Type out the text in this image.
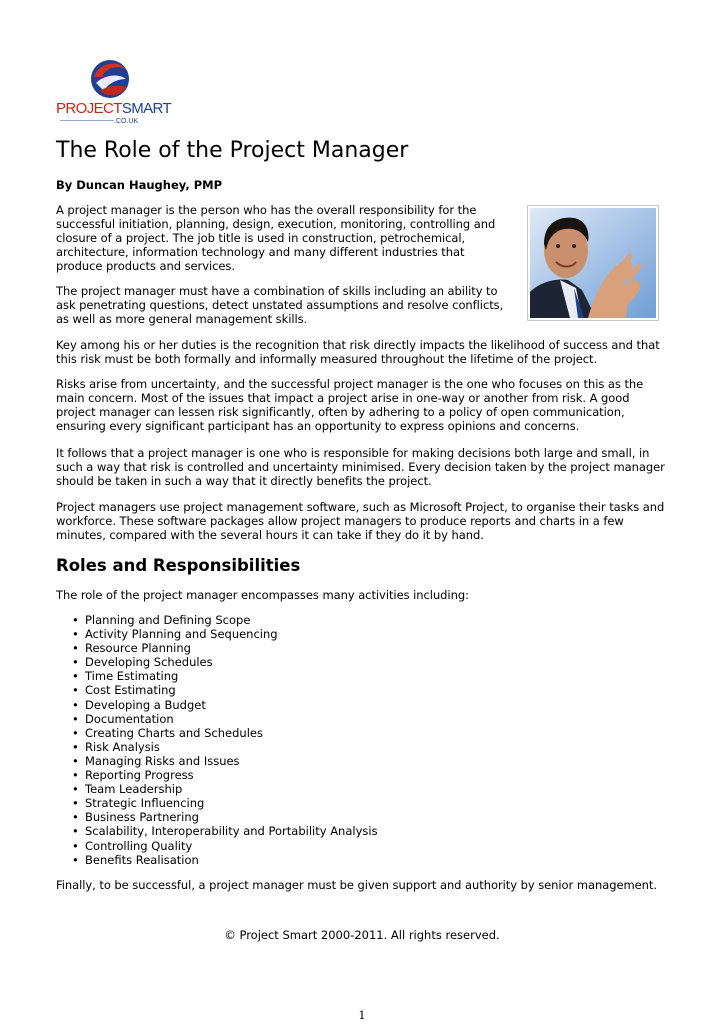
PROJECTSMART
.CO.UK
The Role of the Project Manager

By Duncan Haughey, PMP

A project manager is the person who has the overall responsibility for the successful initiation, planning, design, execution, monitoring, controlling and closure of a project. The job title is used in construction, petrochemical, architecture, information technology and many different industries that produce products and services.

The project manager must have a combination of skills including an ability to ask penetrating questions, detect unstated assumptions and resolve conflicts, as well as more general management skills.

Key among his or her duties is the recognition that risk directly impacts the likelihood of success and that this risk must be both formally and informally measured throughout the lifetime of the project.

Risks arise from uncertainty, and the successful project manager is the one who focuses on this as the main concern. Most of the issues that impact a project arise in one-way or another from risk. A good project manager can lessen risk significantly, often by adhering to a policy of open communication, ensuring every significant participant has an opportunity to express opinions and concerns.

It follows that a project manager is one who is responsible for making decisions both large and small, in such a way that risk is controlled and uncertainty minimised. Every decision taken by the project manager should be taken in such a way that it directly benefits the project.

Project managers use project management software, such as Microsoft Project, to organise their tasks and workforce. These software packages allow project managers to produce reports and charts in a few minutes, compared with the several hours it can take if they do it by hand.

Roles and Responsibilities

The role of the project manager encompasses many activities including:

• Planning and Defining Scope
• Activity Planning and Sequencing
• Resource Planning
• Developing Schedules
• Time Estimating
• Cost Estimating
• Developing a Budget
• Documentation
• Creating Charts and Schedules
• Risk Analysis
• Managing Risks and Issues
• Reporting Progress
• Team Leadership
• Strategic Influencing
• Business Partnering
• Scalability, Interoperability and Portability Analysis
• Controlling Quality
• Benefits Realisation

Finally, to be successful, a project manager must be given support and authority by senior management.

© Project Smart 2000-2011. All rights reserved.

1
